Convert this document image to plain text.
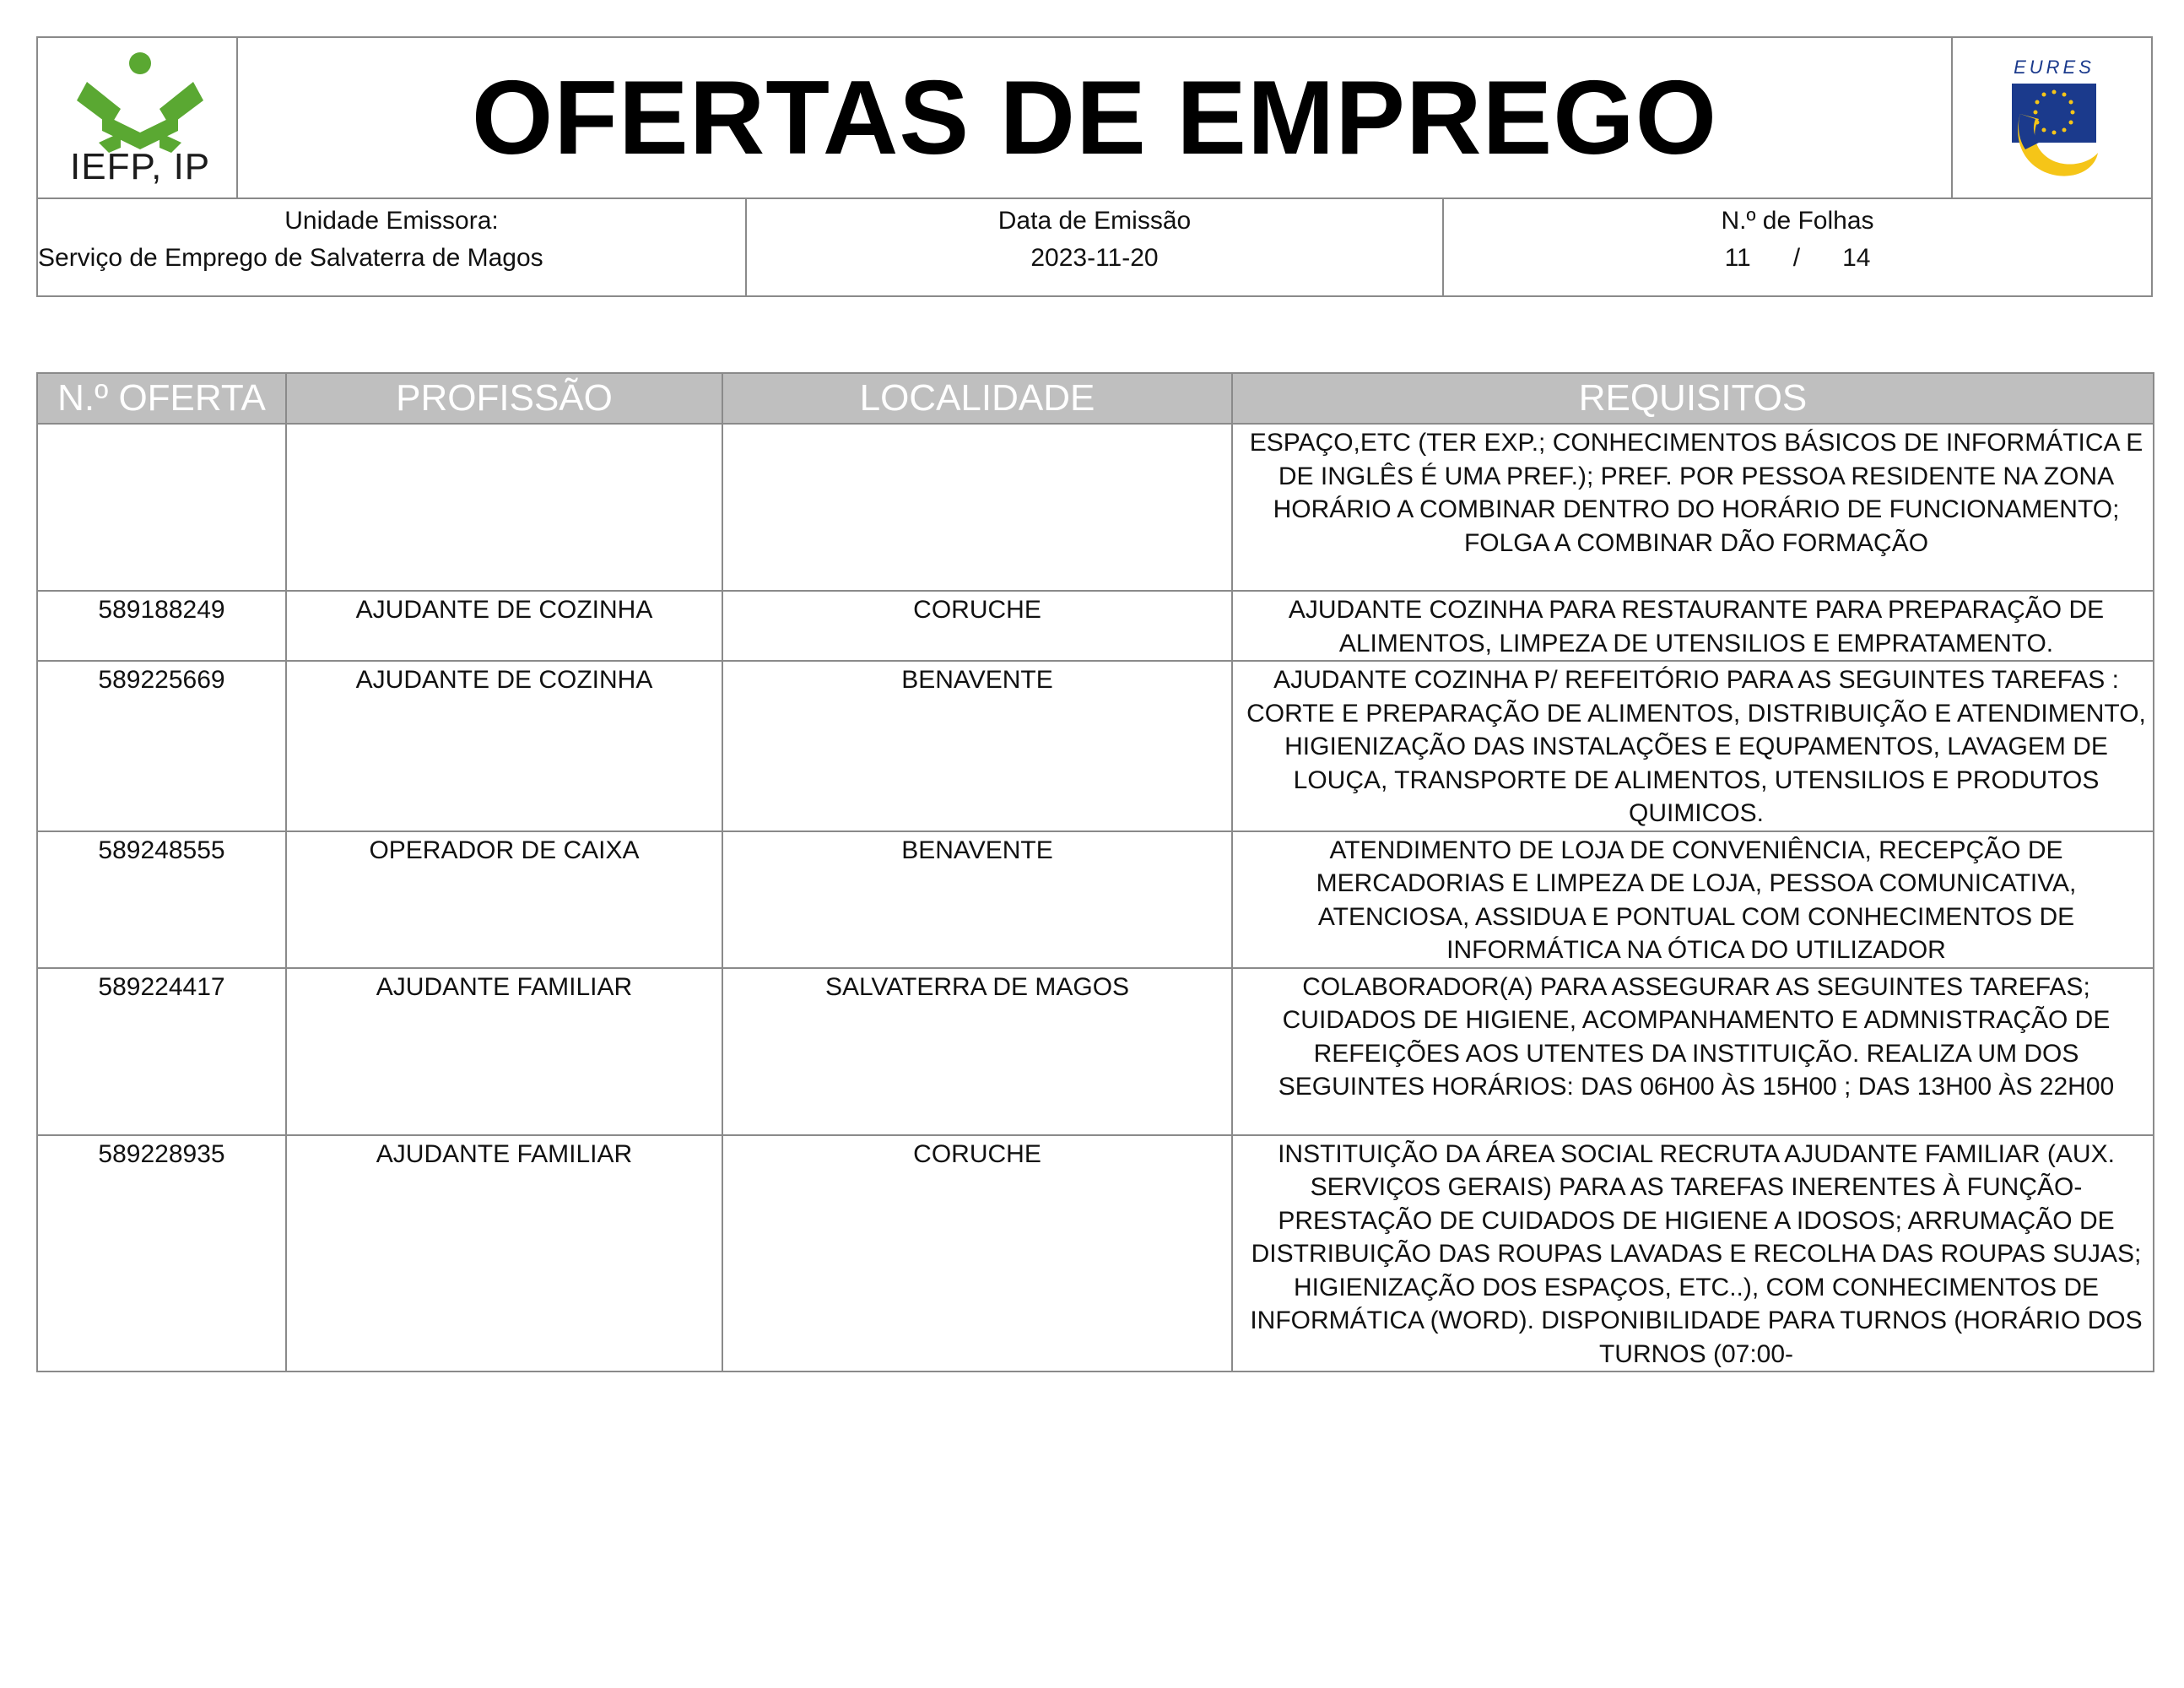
IEFP, IP OFERTAS DE EMPREGO	EURES
Unidade Emissora:
Serviço de Emprego de Salvaterra de Magos
Data de Emissão
2023-11-20
N.º de Folhas
11 / 14
N.º OFERTA	PROFISSÃO	LOCALIDADE	REQUISITOS
			ESPAÇO,ETC (TER EXP.; CONHECIMENTOS BÁSICOS DE INFORMÁTICA E DE INGLÊS É UMA PREF.); PREF. POR PESSOA RESIDENTE NA ZONA HORÁRIO A COMBINAR DENTRO DO HORÁRIO DE FUNCIONAMENTO; FOLGA A COMBINAR DÃO FORMAÇÃO
589188249	AJUDANTE DE COZINHA	CORUCHE	AJUDANTE COZINHA PARA RESTAURANTE PARA PREPARAÇÃO DE ALIMENTOS, LIMPEZA DE UTENSILIOS E EMPRATAMENTO.
589225669	AJUDANTE DE COZINHA	BENAVENTE	AJUDANTE COZINHA P/ REFEITÓRIO PARA AS SEGUINTES TAREFAS : CORTE E PREPARAÇÃO DE ALIMENTOS, DISTRIBUIÇÃO E ATENDIMENTO, HIGIENIZAÇÃO DAS INSTALAÇÕES E EQUPAMENTOS, LAVAGEM DE LOUÇA, TRANSPORTE DE ALIMENTOS, UTENSILIOS E PRODUTOS QUIMICOS.
589248555	OPERADOR DE CAIXA	BENAVENTE	ATENDIMENTO DE LOJA DE CONVENIÊNCIA, RECEPÇÃO DE MERCADORIAS E LIMPEZA DE LOJA, PESSOA COMUNICATIVA, ATENCIOSA, ASSIDUA E PONTUAL COM CONHECIMENTOS DE INFORMÁTICA NA ÓTICA DO UTILIZADOR
589224417	AJUDANTE FAMILIAR	SALVATERRA DE MAGOS	COLABORADOR(A) PARA ASSEGURAR AS SEGUINTES TAREFAS; CUIDADOS DE HIGIENE, ACOMPANHAMENTO E ADMNISTRAÇÃO DE REFEIÇÕES AOS UTENTES DA INSTITUIÇÃO. REALIZA UM DOS SEGUINTES HORÁRIOS: DAS 06H00 ÀS 15H00 ; DAS 13H00 ÀS 22H00
589228935	AJUDANTE FAMILIAR	CORUCHE	INSTITUIÇÃO DA ÁREA SOCIAL RECRUTA AJUDANTE FAMILIAR (AUX. SERVIÇOS GERAIS) PARA AS TAREFAS INERENTES À FUNÇÃO-PRESTAÇÃO DE CUIDADOS DE HIGIENE A IDOSOS; ARRUMAÇÃO DE DISTRIBUIÇÃO DAS ROUPAS LAVADAS E RECOLHA DAS ROUPAS SUJAS; HIGIENIZAÇÃO DOS ESPAÇOS, ETC..), COM CONHECIMENTOS DE INFORMÁTICA (WORD). DISPONIBILIDADE PARA TURNOS (HORÁRIO DOS TURNOS (07:00-
